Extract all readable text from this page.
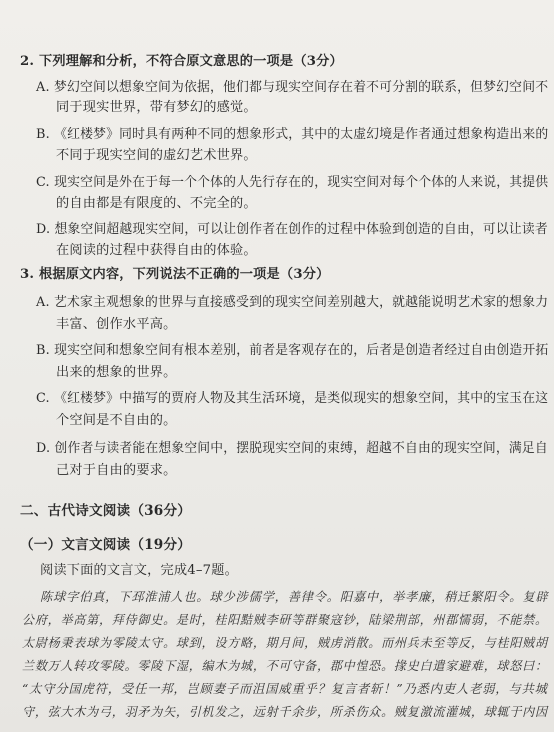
2. 下列理解和分析，不符合原文意思的一项是（3分）
A. 梦幻空间以想象空间为依据，他们都与现实空间存在着不可分割的联系，但梦幻空间不
同于现实世界，带有梦幻的感觉。
B. 《红楼梦》同时具有两种不同的想象形式，其中的太虚幻境是作者通过想象构造出来的
不同于现实空间的虚幻艺术世界。
C. 现实空间是外在于每一个个体的人先行存在的，现实空间对每个个体的人来说，其提供
的自由都是有限度的、不完全的。
D. 想象空间超越现实空间，可以让创作者在创作的过程中体验到创造的自由，可以让读者
在阅读的过程中获得自由的体验。
3. 根据原文内容，下列说法不正确的一项是（3分）
A. 艺术家主观想象的世界与直接感受到的现实空间差别越大，就越能说明艺术家的想象力
丰富、创作水平高。
B. 现实空间和想象空间有根本差别，前者是客观存在的，后者是创造者经过自由创造开拓
出来的想象的世界。
C. 《红楼梦》中描写的贾府人物及其生活环境，是类似现实的想象空间，其中的宝玉在这
个空间是不自由的。
D. 创作者与读者能在想象空间中，摆脱现实空间的束缚，超越不自由的现实空间，满足自
己对于自由的要求。
二、古代诗文阅读（36分）
（一）文言文阅读（19分）
阅读下面的文言文，完成4–7题。
陈球字伯真，下邳淮浦人也。球少涉儒学，善律令。阳嘉中，举孝廉，稍迁繁阳令。复辟
公府，举高第，拜侍御史。是时，桂阳黠贼李研等群聚寇钞，陆梁荆部，州郡懦弱，不能禁。
太尉杨秉表球为零陵太守。球到，设方略，期月间，贼虏消散。而州兵未至等反，与桂阳贼胡
兰数万人转攻零陵。零陵下湿，编木为城，不可守备，郡中惶恐。掾史白遣家避难，球怒曰：
“太守分国虎符，受任一邦，岂顾妻子而沮国威重乎？复言者斩！”乃悉内吏人老弱，与共城
守，弦大木为弓，羽矛为矢，引机发之，远射千余步，所杀伤众。贼复激流灌城，球辄于内因
